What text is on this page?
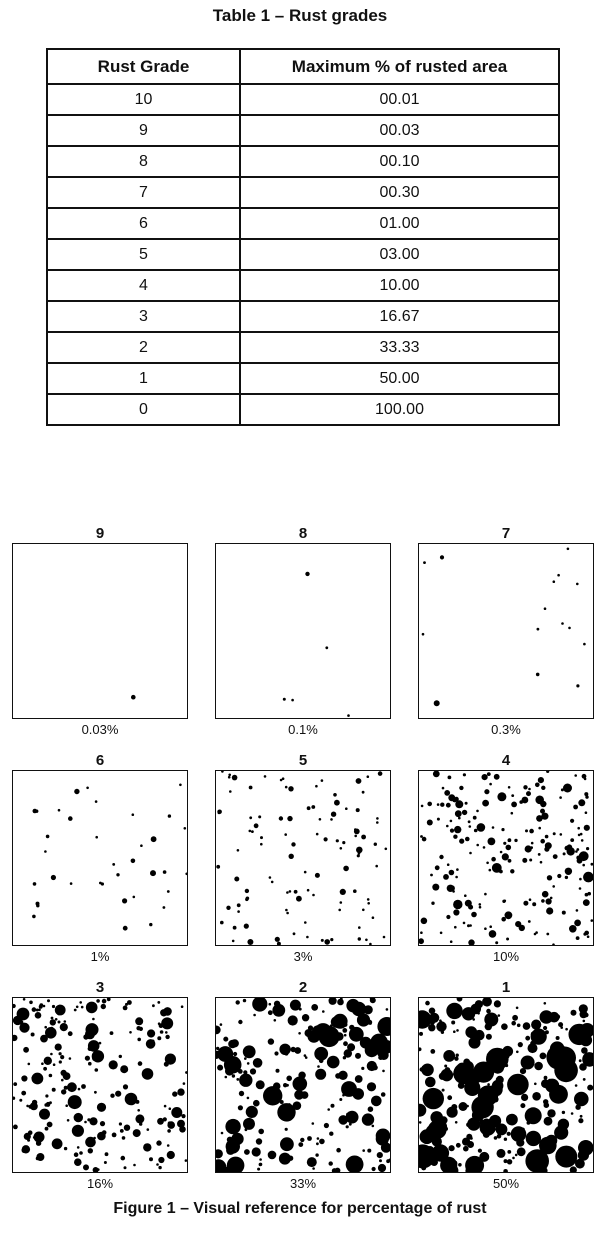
Table 1 – Rust grades
Rust Grade	Maximum % of rusted area
10	00.01
9	00.03
8	00.10
7	00.30
6	01.00
5	03.00
4	10.00
3	16.67
2	33.33
1	50.00
0	100.00
9
0.03%
8
0.1%
7
0.3%
6
1%
5
3%
4
10%
3
16%
2
33%
1
50%
Figure 1 – Visual reference for percentage of rust
